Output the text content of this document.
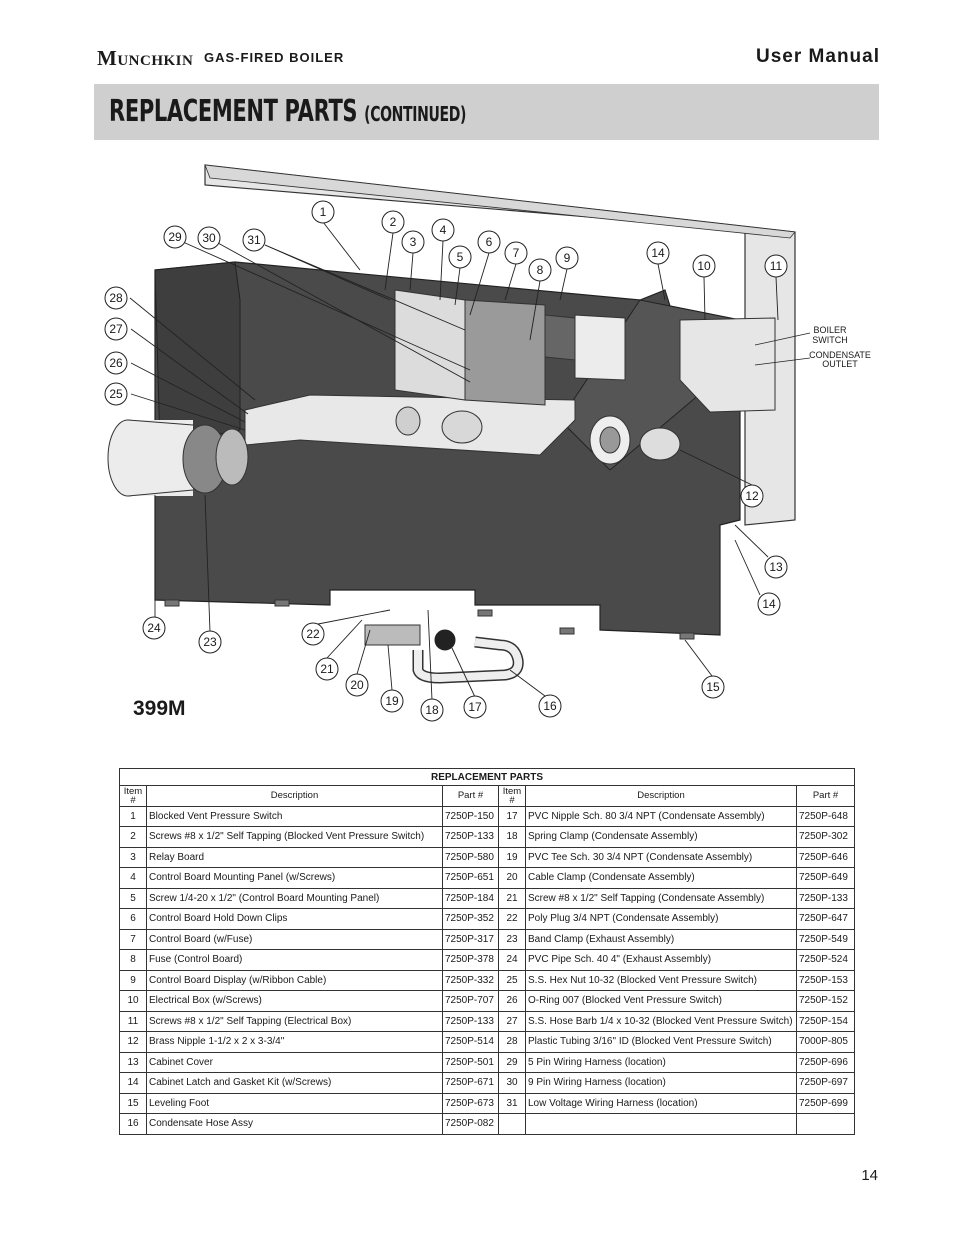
Munchkin GAS-FIRED BOILER	User Manual
REPLACEMENT PARTS (CONTINUED)
1
2
3
4
5
6
7
8
9
10	11
12
13
14
14
15
16
17
18
19
20
21
22
23
24
25
26
27
28
29 30	31
BOILER
SWITCH
CONDENSATE
OUTLET
399M
REPLACEMENT PARTS					
Item #	Description	Part #	Item #	Description	Part #
1	Blocked Vent Pressure Switch	7250P-150	17	PVC Nipple Sch. 80 3/4 NPT (Condensate Assembly)	7250P-648
2	Screws #8 x 1/2" Self Tapping (Blocked Vent Pressure Switch)	7250P-133	18	Spring Clamp (Condensate Assembly)	7250P-302
3	Relay Board	7250P-580	19	PVC Tee Sch. 30 3/4 NPT (Condensate Assembly)	7250P-646
4	Control Board Mounting Panel (w/Screws)	7250P-651	20	Cable Clamp (Condensate Assembly)	7250P-649
5	Screw 1/4-20 x 1/2" (Control Board Mounting Panel)	7250P-184	21	Screw #8 x 1/2" Self Tapping (Condensate Assembly)	7250P-133
6	Control Board Hold Down Clips	7250P-352	22	Poly Plug 3/4 NPT (Condensate Assembly)	7250P-647
7	Control Board (w/Fuse)	7250P-317	23	Band Clamp (Exhaust Assembly)	7250P-549
8	Fuse (Control Board)	7250P-378	24	PVC Pipe Sch. 40 4" (Exhaust Assembly)	7250P-524
9	Control Board Display (w/Ribbon Cable)	7250P-332	25	S.S. Hex Nut 10-32 (Blocked Vent Pressure Switch)	7250P-153
10	Electrical Box (w/Screws)	7250P-707	26	O-Ring 007 (Blocked Vent Pressure Switch)	7250P-152
11	Screws #8 x 1/2" Self Tapping (Electrical Box)	7250P-133	27	S.S. Hose Barb 1/4 x 10-32 (Blocked Vent Pressure Switch)	7250P-154
12	Brass Nipple 1-1/2 x 2 x 3-3/4"	7250P-514	28	Plastic Tubing 3/16" ID (Blocked Vent Pressure Switch)	7000P-805
13	Cabinet Cover	7250P-501	29	5 Pin Wiring Harness (location)	7250P-696
14	Cabinet Latch and Gasket Kit (w/Screws)	7250P-671	30	9 Pin Wiring Harness (location)	7250P-697
15	Leveling Foot	7250P-673	31	Low Voltage Wiring Harness (location)	7250P-699
16	Condensate Hose Assy	7250P-082			
14
